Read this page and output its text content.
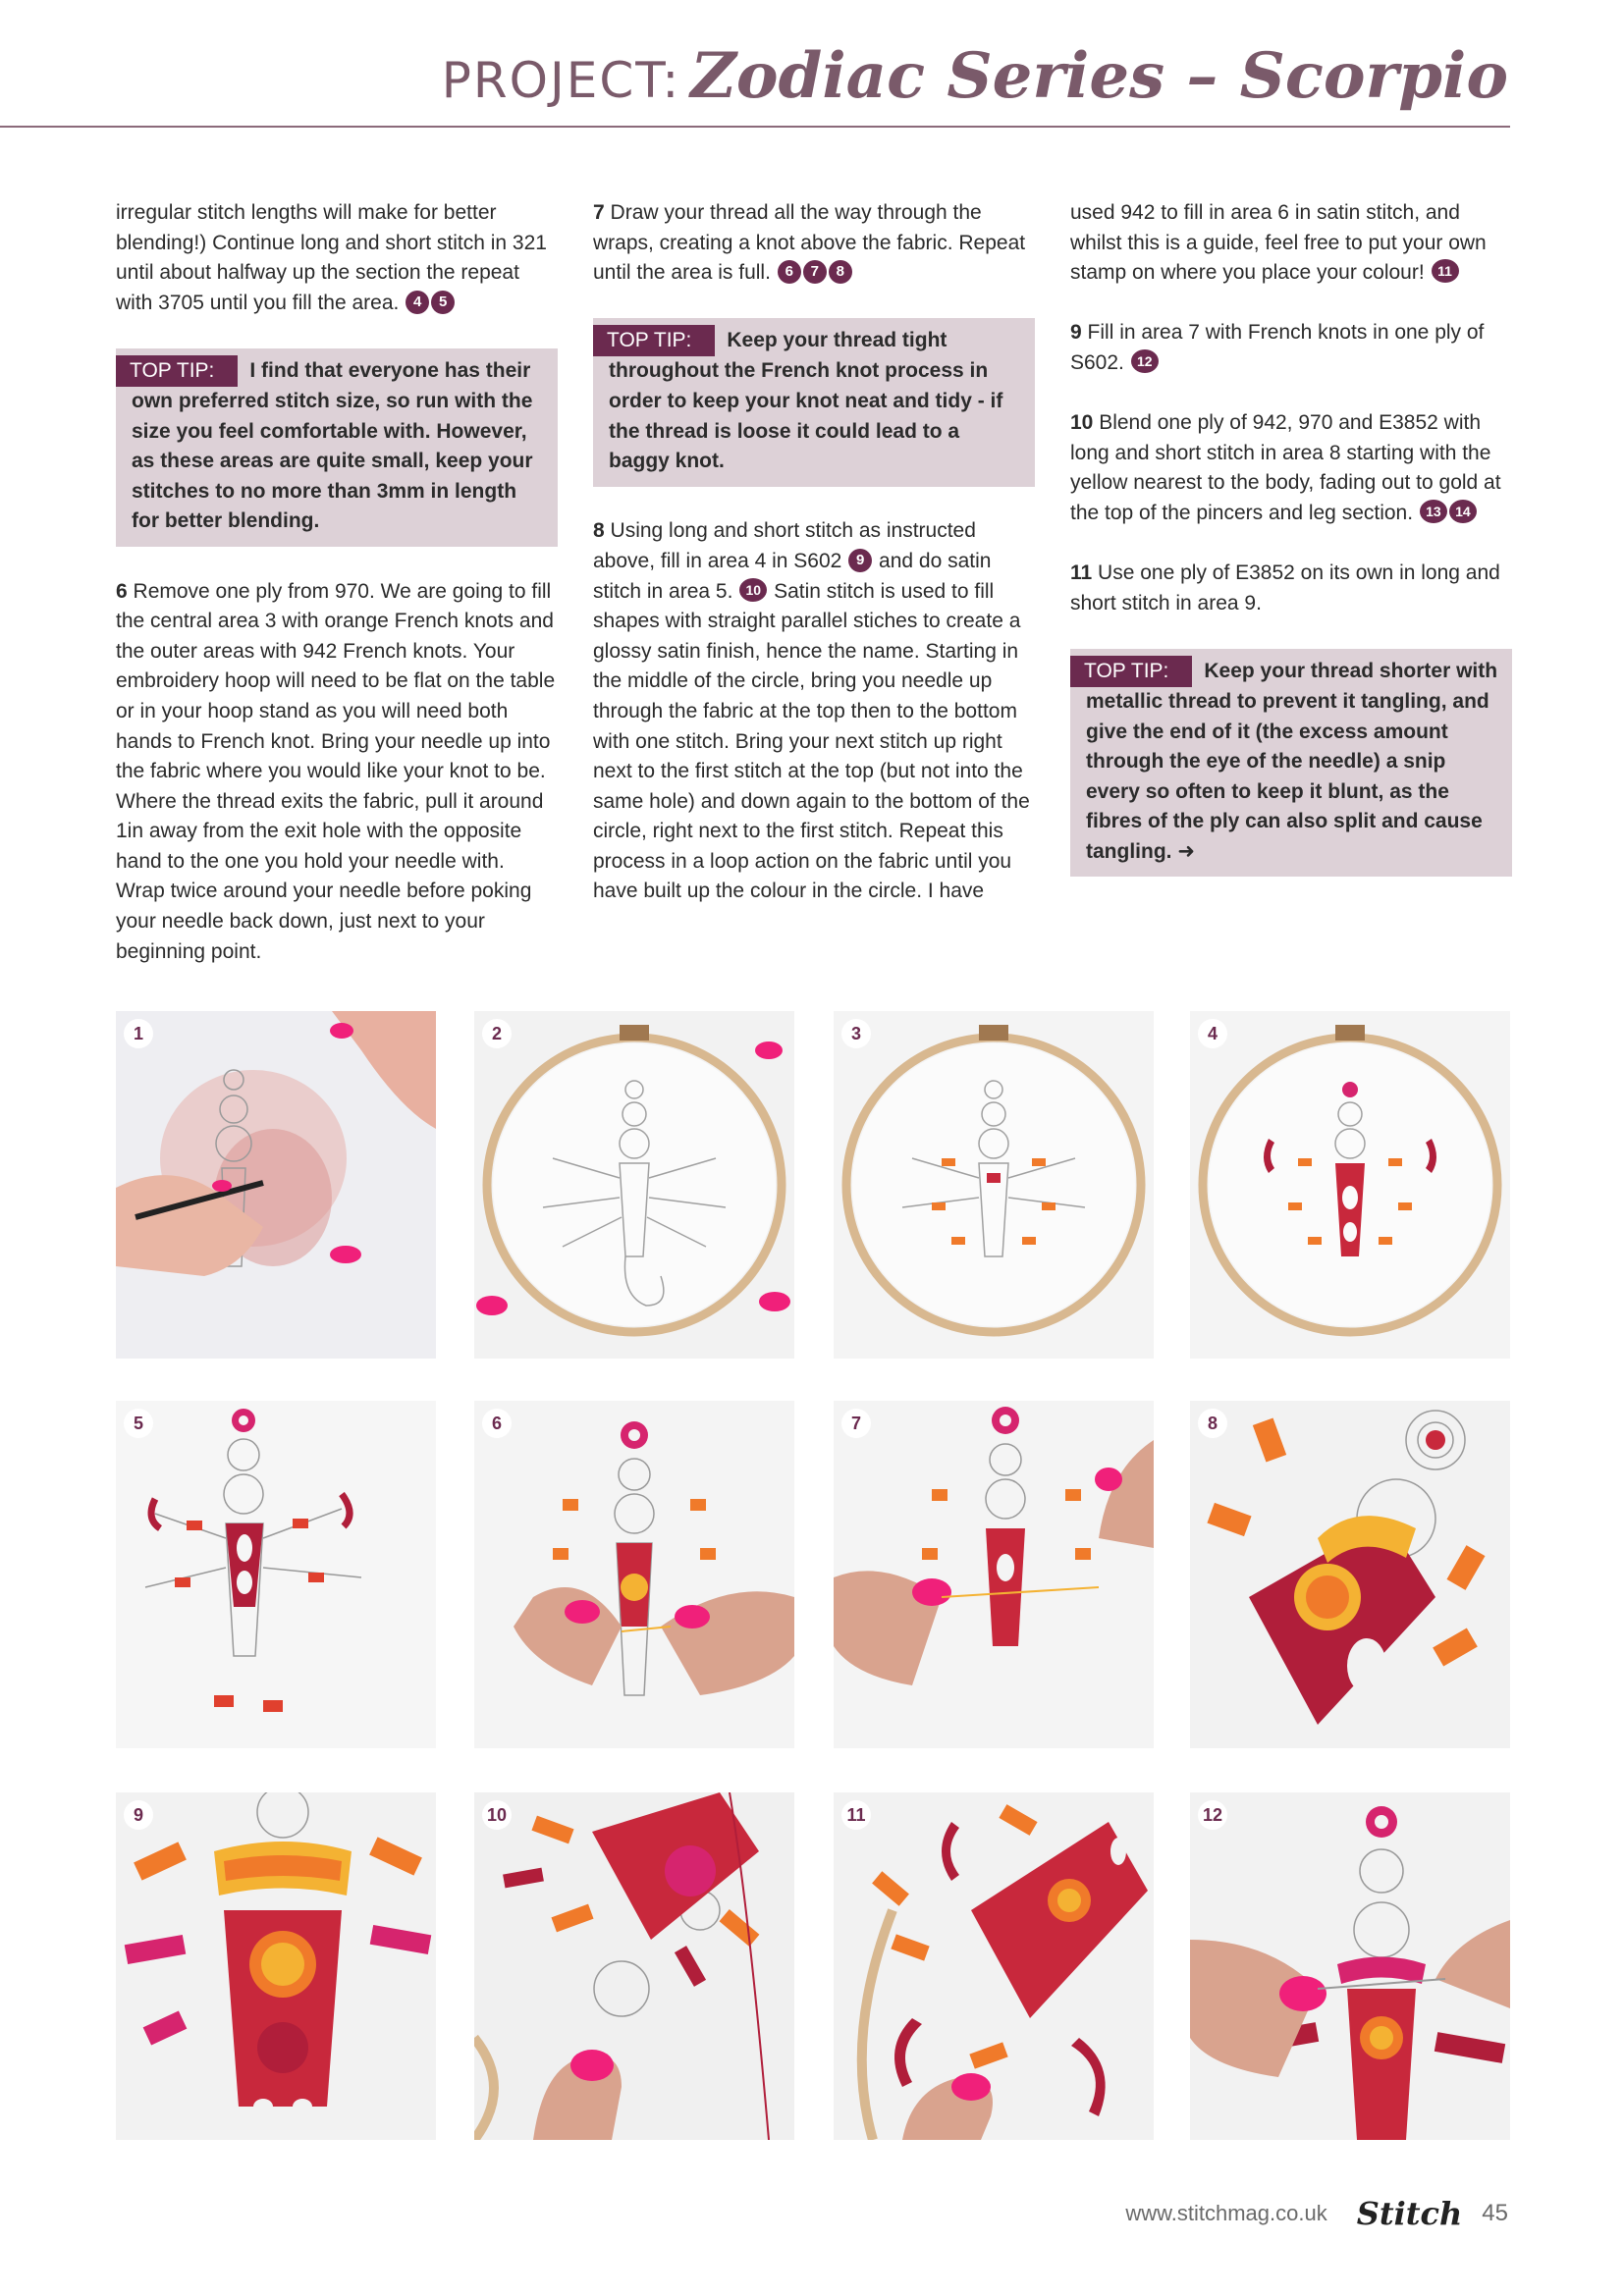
PROJECT: Zodiac Series – Scorpio

irregular stitch lengths will make for better blending!) Continue long and short stitch in 321 until about halfway up the section the repeat with 3705 until you fill the area. 4 5

TOP TIP: I find that everyone has their own preferred stitch size, so run with the size you feel comfortable with. However, as these areas are quite small, keep your stitches to no more than 3mm in length for better blending.

6 Remove one ply from 970. We are going to fill the central area 3 with orange French knots and the outer areas with 942 French knots. Your embroidery hoop will need to be flat on the table or in your hoop stand as you will need both hands to French knot. Bring your needle up into the fabric where you would like your knot to be. Where the thread exits the fabric, pull it around 1in away from the exit hole with the opposite hand to the one you hold your needle with. Wrap twice around your needle before poking your needle back down, just next to your beginning point.

7 Draw your thread all the way through the wraps, creating a knot above the fabric. Repeat until the area is full. 6 7 8

TOP TIP: Keep your thread tight throughout the French knot process in order to keep your knot neat and tidy - if the thread is loose it could lead to a baggy knot.

8 Using long and short stitch as instructed above, fill in area 4 in S602 9 and do satin stitch in area 5. 10 Satin stitch is used to fill shapes with straight parallel stiches to create a glossy satin finish, hence the name. Starting in the middle of the circle, bring you needle up through the fabric at the top then to the bottom with one stitch. Bring your next stitch up right next to the first stitch at the top (but not into the same hole) and down again to the bottom of the circle, right next to the first stitch. Repeat this process in a loop action on the fabric until you have built up the colour in the circle. I have

used 942 to fill in area 6 in satin stitch, and whilst this is a guide, feel free to put your own stamp on where you place your colour! 11

9 Fill in area 7 with French knots in one ply of S602. 12

10 Blend one ply of 942, 970 and E3852 with long and short stitch in area 8 starting with the yellow nearest to the body, fading out to gold at the top of the pincers and leg section. 13 14

11 Use one ply of E3852 on its own in long and short stitch in area 9.

TOP TIP: Keep your thread shorter with metallic thread to prevent it tangling, and give the end of it (the excess amount through the eye of the needle) a snip every so often to keep it blunt, as the fibres of the ply can also split and cause tangling. ➜
1	2	3	4
5	6	7	8
9	10	11	12
www.stitchmag.co.uk Stitch 45
